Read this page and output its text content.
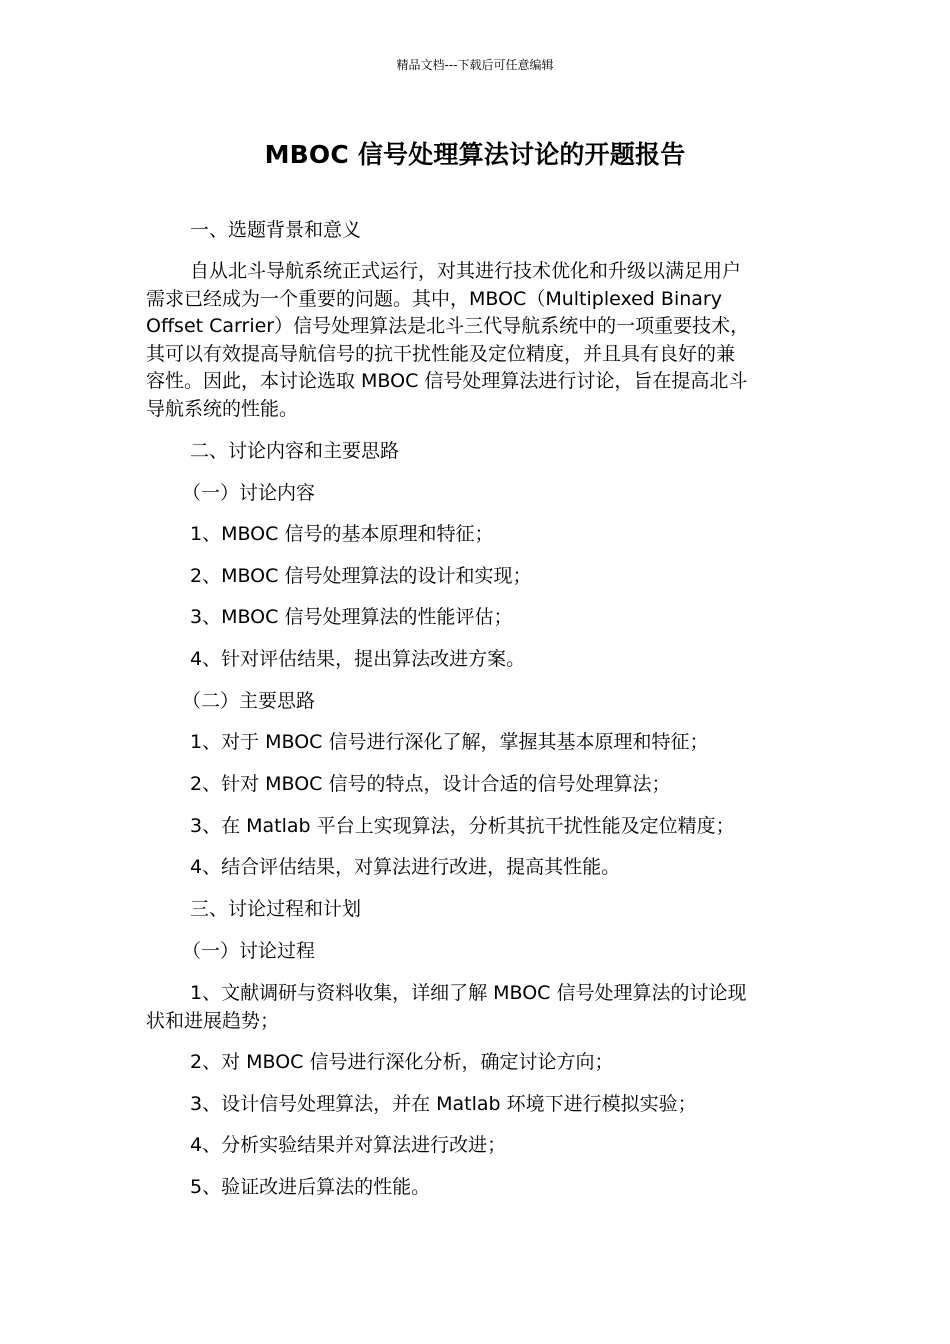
精品文档---下载后可任意编辑
MBOC 信号处理算法讨论的开题报告
一、选题背景和意义
自从北斗导航系统正式运行，对其进行技术优化和升级以满足用户
需求已经成为一个重要的问题。其中，MBOC（Multiplexed Binary
Offset Carrier）信号处理算法是北斗三代导航系统中的一项重要技术，
其可以有效提高导航信号的抗干扰性能及定位精度，并且具有良好的兼
容性。因此，本讨论选取 MBOC 信号处理算法进行讨论，旨在提高北斗
导航系统的性能。
二、讨论内容和主要思路
（一）讨论内容
1、MBOC 信号的基本原理和特征；
2、MBOC 信号处理算法的设计和实现；
3、MBOC 信号处理算法的性能评估；
4、针对评估结果，提出算法改进方案。
（二）主要思路
1、对于 MBOC 信号进行深化了解，掌握其基本原理和特征；
2、针对 MBOC 信号的特点，设计合适的信号处理算法；
3、在 Matlab 平台上实现算法，分析其抗干扰性能及定位精度；
4、结合评估结果，对算法进行改进，提高其性能。
三、讨论过程和计划
（一）讨论过程
1、文献调研与资料收集，详细了解 MBOC 信号处理算法的讨论现
状和进展趋势；
2、对 MBOC 信号进行深化分析，确定讨论方向；
3、设计信号处理算法，并在 Matlab 环境下进行模拟实验；
4、分析实验结果并对算法进行改进；
5、验证改进后算法的性能。
